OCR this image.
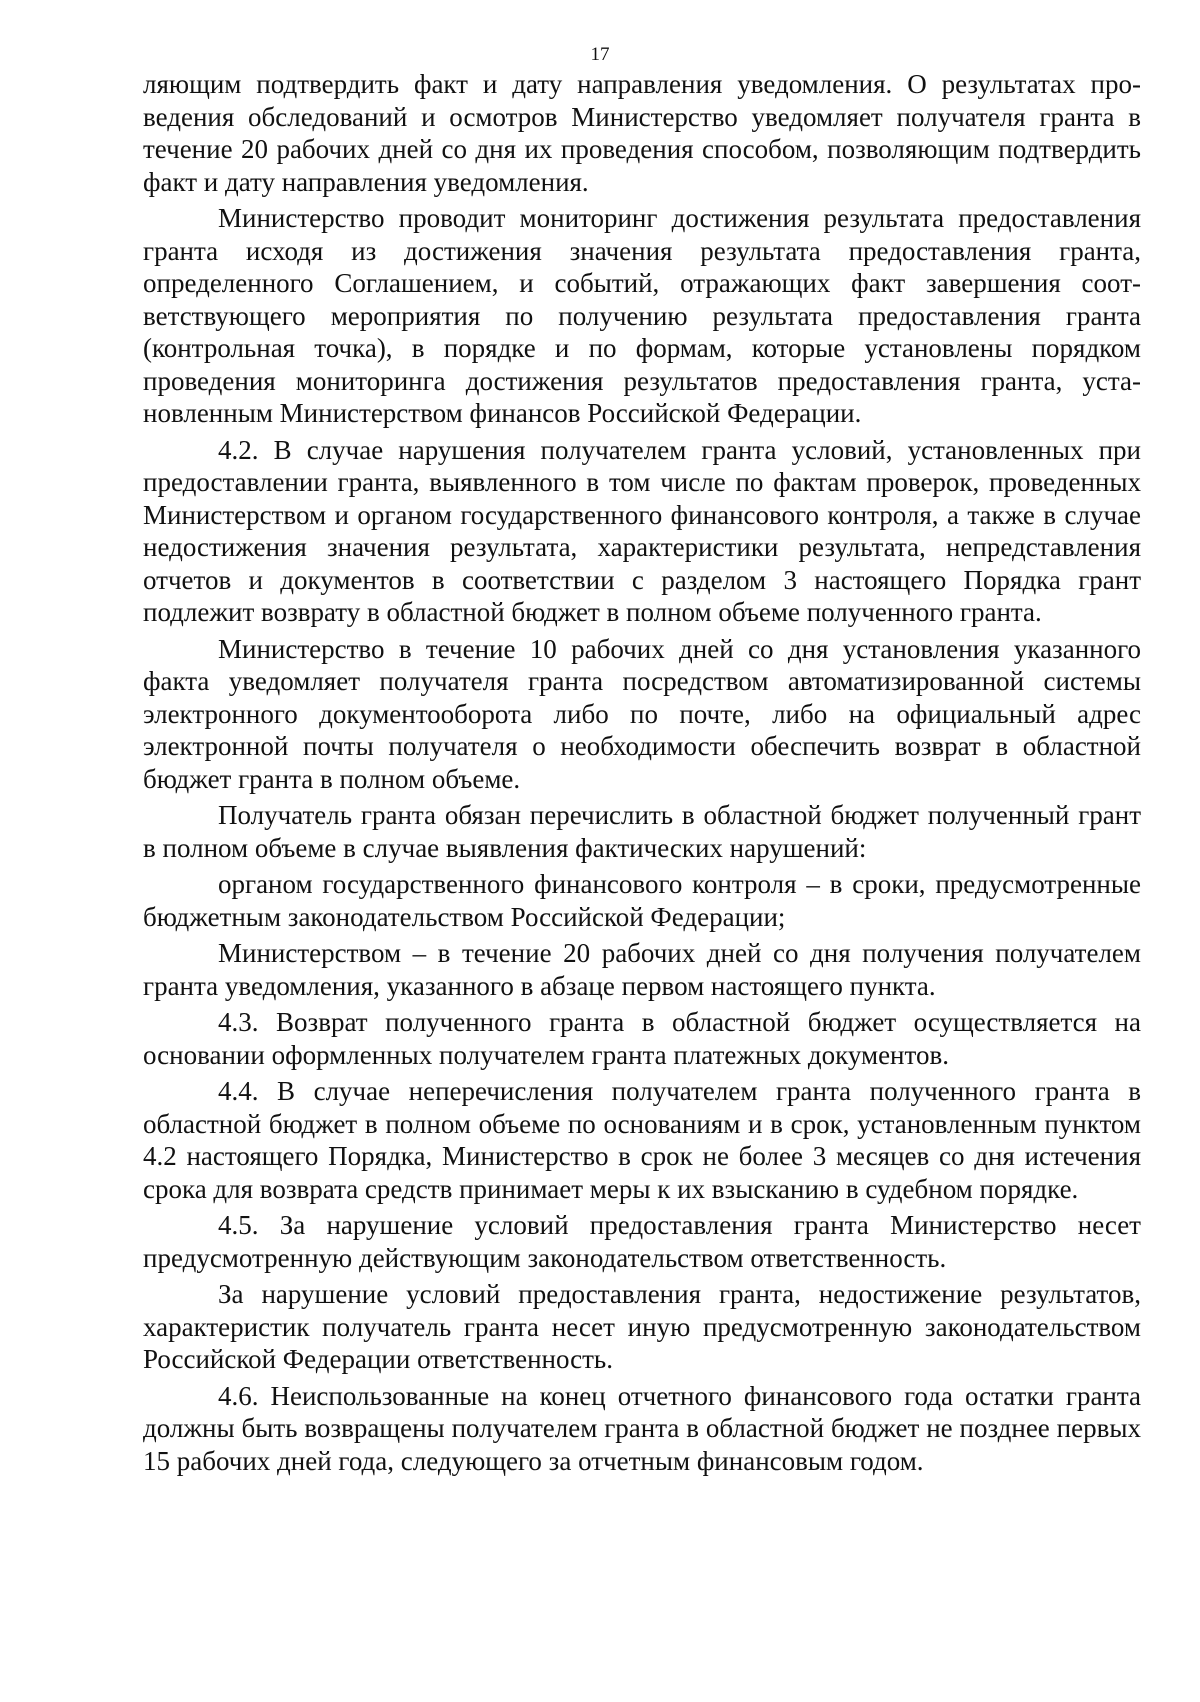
17

ляющим подтвердить факт и дату направления уведомления. О результатах проведения обследований и осмотров Министерство уведомляет получателя гранта в течение 20 рабочих дней со дня их проведения способом, позволяющим подтвердить факт и дату направления уведомления.

Министерство проводит мониторинг достижения результата предоставления гранта исходя из достижения значения результата предоставления гранта, определенного Соглашением, и событий, отражающих факт завершения соответствующего мероприятия по получению результата предоставления гранта (контрольная точка), в порядке и по формам, которые установлены порядком проведения мониторинга достижения результатов предоставления гранта, установленным Министерством финансов Российской Федерации.

4.2. В случае нарушения получателем гранта условий, установленных при предоставлении гранта, выявленного в том числе по фактам проверок, проведенных Министерством и органом государственного финансового контроля, а также в случае недостижения значения результата, характеристики результата, непредставления отчетов и документов в соответствии с разделом 3 настоящего Порядка грант подлежит возврату в областной бюджет в полном объеме полученного гранта.

Министерство в течение 10 рабочих дней со дня установления указанного факта уведомляет получателя гранта посредством автоматизированной системы электронного документооборота либо по почте, либо на официальный адрес электронной почты получателя о необходимости обеспечить возврат в областной бюджет гранта в полном объеме.

Получатель гранта обязан перечислить в областной бюджет полученный грант в полном объеме в случае выявления фактических нарушений:

органом государственного финансового контроля – в сроки, предусмотренные бюджетным законодательством Российской Федерации;

Министерством – в течение 20 рабочих дней со дня получения получателем гранта уведомления, указанного в абзаце первом настоящего пункта.

4.3. Возврат полученного гранта в областной бюджет осуществляется на основании оформленных получателем гранта платежных документов.

4.4. В случае неперечисления получателем гранта полученного гранта в областной бюджет в полном объеме по основаниям и в срок, установленным пунктом 4.2 настоящего Порядка, Министерство в срок не более 3 месяцев со дня истечения срока для возврата средств принимает меры к их взысканию в судебном порядке.

4.5. За нарушение условий предоставления гранта Министерство несет предусмотренную действующим законодательством ответственность.

За нарушение условий предоставления гранта, недостижение результатов, характеристик получатель гранта несет иную предусмотренную законодательством Российской Федерации ответственность.

4.6. Неиспользованные на конец отчетного финансового года остатки гранта должны быть возвращены получателем гранта в областной бюджет не позднее первых 15 рабочих дней года, следующего за отчетным финансовым годом.
